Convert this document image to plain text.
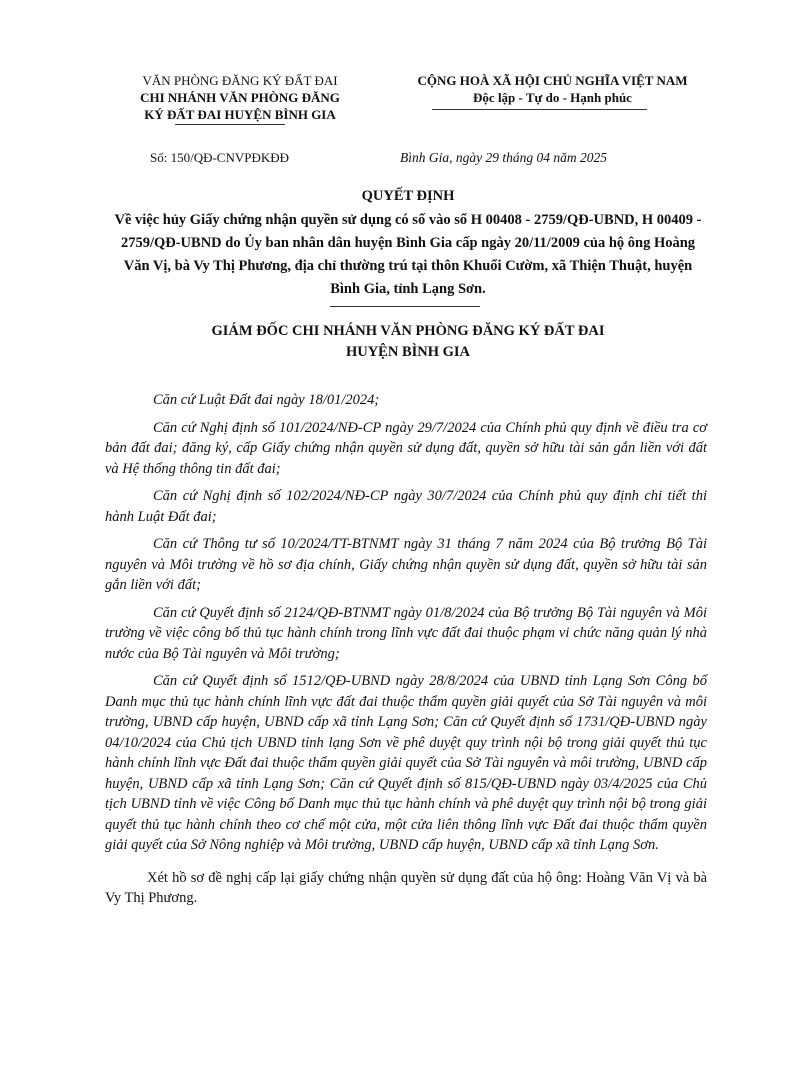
VĂN PHÒNG ĐĂNG KÝ ĐẤT ĐAI
CHI NHÁNH VĂN PHÒNG ĐĂNG
KÝ ĐẤT ĐAI HUYỆN BÌNH GIA
CỘNG HOÀ XÃ HỘI CHỦ NGHĨA VIỆT NAM
Độc lập - Tự do - Hạnh phúc
Số: 150/QĐ-CNVPĐKĐĐ	Bình Gia, ngày 29 tháng 04 năm 2025
QUYẾT ĐỊNH
Về việc hủy Giấy chứng nhận quyền sử dụng có số vào sổ H 00408 - 2759/QĐ-UBND, H 00409 - 2759/QĐ-UBND do Ủy ban nhân dân huyện Bình Gia cấp ngày 20/11/2009 của hộ ông Hoàng Văn Vị, bà Vy Thị Phương, địa chỉ thường trú tại thôn Khuổi Cườm, xã Thiện Thuật, huyện Bình Gia, tỉnh Lạng Sơn.
GIÁM ĐỐC CHI NHÁNH VĂN PHÒNG ĐĂNG KÝ ĐẤT ĐAI
HUYỆN BÌNH GIA

Căn cứ Luật Đất đai ngày 18/01/2024;

Căn cứ Nghị định số 101/2024/NĐ-CP ngày 29/7/2024 của Chính phủ quy định về điều tra cơ bản đất đai; đăng ký, cấp Giấy chứng nhận quyền sử dụng đất, quyền sở hữu tài sản gắn liền với đất và Hệ thống thông tin đất đai;

Căn cứ Nghị định số 102/2024/NĐ-CP ngày 30/7/2024 của Chính phủ quy định chi tiết thi hành Luật Đất đai;

Căn cứ Thông tư số 10/2024/TT-BTNMT ngày 31 tháng 7 năm 2024 của Bộ trưởng Bộ Tài nguyên và Môi trường về hồ sơ địa chính, Giấy chứng nhận quyền sử dụng đất, quyền sở hữu tài sản gắn liền với đất;

Căn cứ Quyết định số 2124/QĐ-BTNMT ngày 01/8/2024 của Bộ trưởng Bộ Tài nguyên và Môi trường về việc công bố thủ tục hành chính trong lĩnh vực đất đai thuộc phạm vi chức năng quản lý nhà nước của Bộ Tài nguyên và Môi trường;

Căn cứ Quyết định số 1512/QĐ-UBND ngày 28/8/2024 của UBND tỉnh Lạng Sơn Công bố Danh mục thủ tục hành chính lĩnh vực đất đai thuộc thẩm quyền giải quyết của Sở Tài nguyên và môi trường, UBND cấp huyện, UBND cấp xã tỉnh Lạng Sơn; Căn cứ Quyết định số 1731/QĐ-UBND ngày 04/10/2024 của Chủ tịch UBND tỉnh lạng Sơn về phê duyệt quy trình nội bộ trong giải quyết thủ tục hành chính lĩnh vực Đất đai thuộc thẩm quyền giải quyết của Sở Tài nguyên và môi trường, UBND cấp huyện, UBND cấp xã tỉnh Lạng Sơn; Căn cứ Quyết định số 815/QĐ-UBND ngày 03/4/2025 của Chủ tịch UBND tỉnh về việc Công bố Danh mục thủ tục hành chính và phê duyệt quy trình nội bộ trong giải quyết thủ tục hành chính theo cơ chế một cửa, một cửa liên thông lĩnh vực Đất đai thuộc thẩm quyền giải quyết của Sở Nông nghiệp và Môi trường, UBND cấp huyện, UBND cấp xã tỉnh Lạng Sơn.

Xét hồ sơ đề nghị cấp lại giấy chứng nhận quyền sử dụng đất của hộ ông: Hoàng Văn Vị và bà Vy Thị Phương.
